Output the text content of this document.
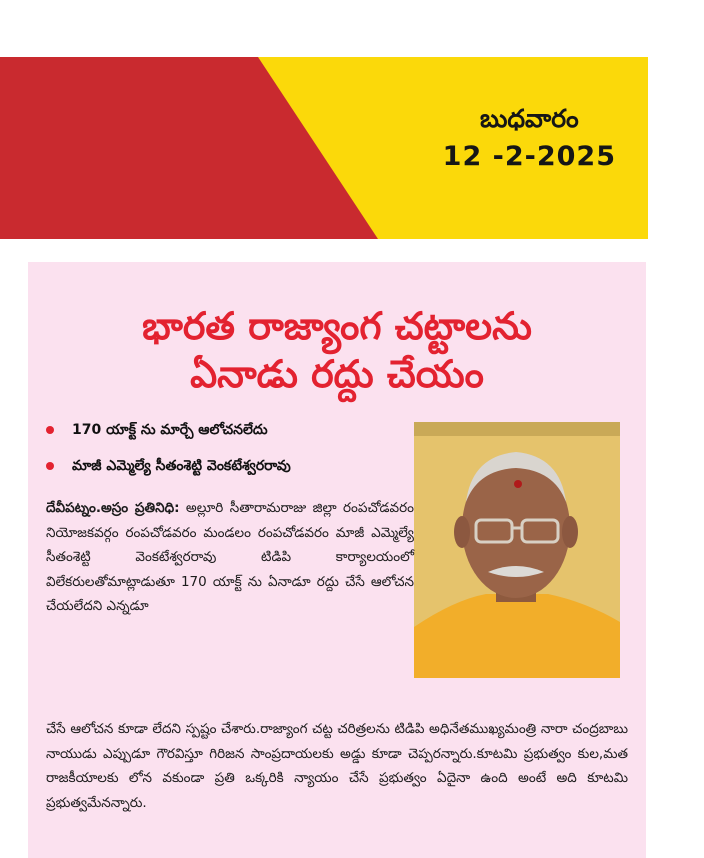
బుధవారం
12 -2-2025
భారత రాజ్యాంగ చట్టాలను
ఏనాడు రద్దు చేయం
170 యాక్ట్ ను మార్చే ఆలోచనలేదు
మాజీ ఎమ్మెల్యే సీతంశెట్టి వెంకటేశ్వరరావు
దేవీపట్నం.అస్రం ప్రతినిధి: అల్లూరి సీతారామరాజు జిల్లా రంపచోడవరం నియోజకవర్గం రంపచోడవరం మండలం రంపచోడవరం మాజీ ఎమ్మెల్యే సీతంశెట్టి వెంకటేశ్వరరావు టిడిపి కార్యాలయంలో విలేకరులతోమాట్లాడుతూ 170 యాక్ట్ ను ఏనాడూ రద్దు చేసే ఆలోచన చేయలేదని ఎన్నడూ
చేసే ఆలోచన కూడా లేదని స్పష్టం చేశారు.రాజ్యాంగ చట్ట చరిత్రలను టిడిపి అధినేతముఖ్యమంత్రి నారా చంద్రబాబు నాయుడు ఎప్పుడూ గౌరవిస్తూ గిరిజన సాంప్రదాయలకు అడ్డు కూడా చెప్పరన్నారు.కూటమి ప్రభుత్వం కుల,మత రాజకీయాలకు లోన వకుండా ప్రతి ఒక్కరికి న్యాయం చేసే ప్రభుత్వం ఏదైనా ఉంది అంటే అది కూటమి ప్రభుత్వమేనన్నారు.
